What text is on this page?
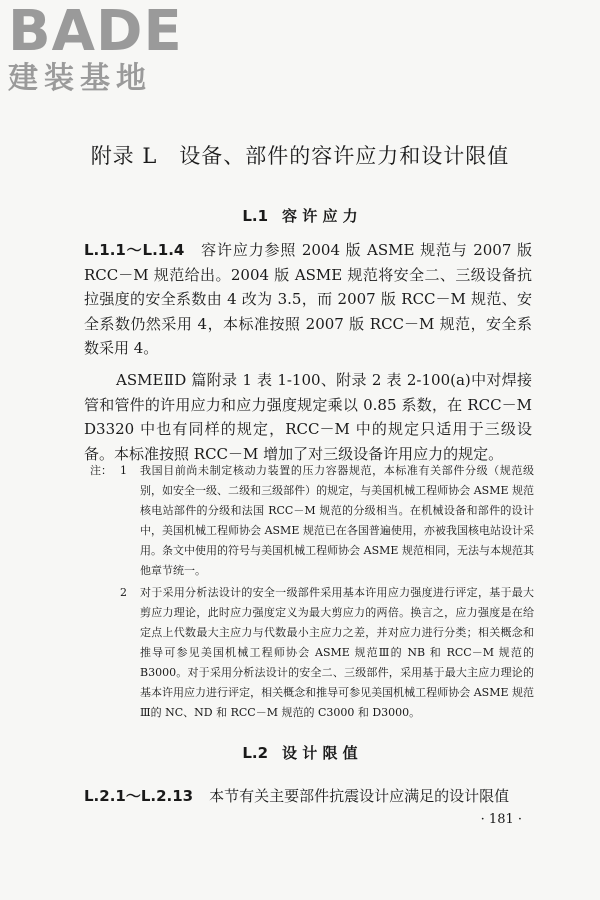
BADE
建装基地
附录 L　设备、部件的容许应力和设计限值
L.1 容 许 应 力
L.1.1～L.1.4 容许应力参照 2004 版 ASME 规范与 2007 版 RCC－M 规范给出。2004 版 ASME 规范将安全二、三级设备抗拉强度的安全系数由 4 改为 3.5，而 2007 版 RCC－M 规范、安全系数仍然采用 4，本标准按照 2007 版 RCC－M 规范，安全系数采用 4。
ASMEⅡD 篇附录 1 表 1-100、附录 2 表 2-100(a)中对焊接管和管件的许用应力和应力强度规定乘以 0.85 系数，在 RCC－M D3320 中也有同样的规定，RCC－M 中的规定只适用于三级设备。本标准按照 RCC－M 增加了对三级设备许用应力的规定。
注： 1 我国目前尚未制定核动力装置的压力容器规范，本标准有关部件分级（规范级别，如安全一级、二级和三级部件）的规定，与美国机械工程师协会 ASME 规范核电站部件的分级和法国 RCC－M 规范的分级相当。在机械设备和部件的设计中，美国机械工程师协会 ASME 规范已在各国普遍使用，亦被我国核电站设计采用。条文中使用的符号与美国机械工程师协会 ASME 规范相同，无法与本规范其他章节统一。
2 对于采用分析法设计的安全一级部件采用基本许用应力强度进行评定，基于最大剪应力理论，此时应力强度定义为最大剪应力的两倍。换言之，应力强度是在给定点上代数最大主应力与代数最小主应力之差，并对应力进行分类；相关概念和推导可参见美国机械工程师协会 ASME 规范Ⅲ的 NB 和 RCC－M 规范的 B3000。对于采用分析法设计的安全二、三级部件，采用基于最大主应力理论的基本许用应力进行评定，相关概念和推导可参见美国机械工程师协会 ASME 规范Ⅲ的 NC、ND 和 RCC－M 规范的 C3000 和 D3000。
L.2 设 计 限 值
L.2.1～L.2.13 本节有关主要部件抗震设计应满足的设计限值
· 181 ·
